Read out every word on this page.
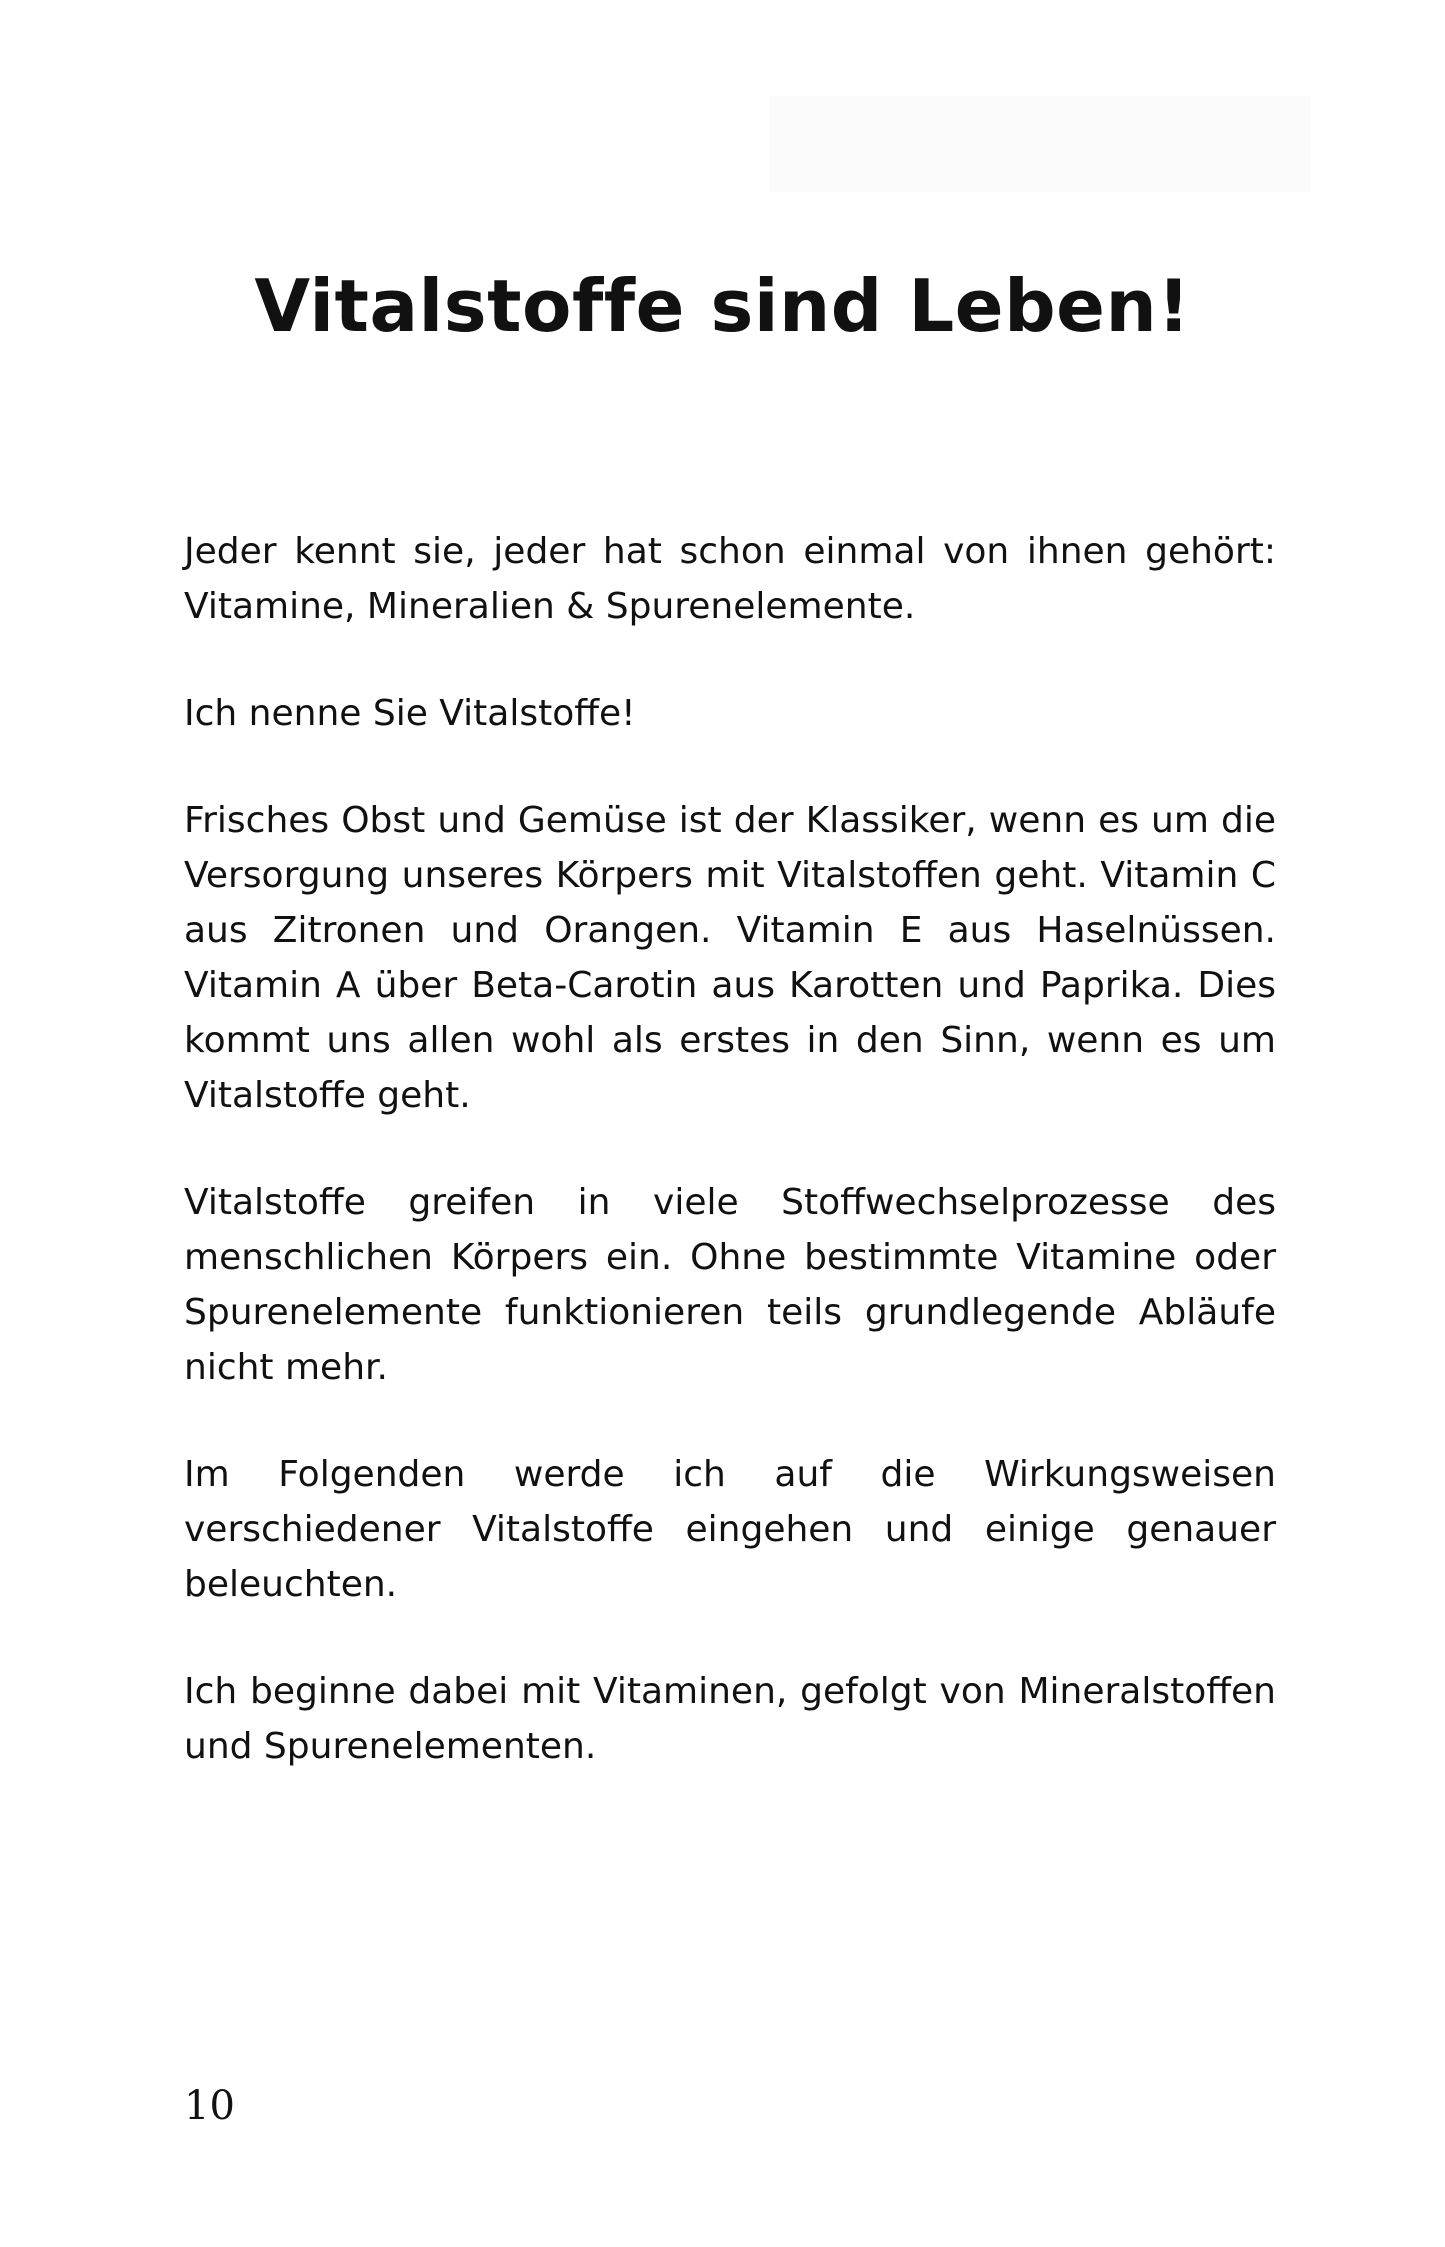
Vitalstoffe sind Leben!

Jeder kennt sie, jeder hat schon einmal von ihnen gehört: Vitamine, Mineralien & Spurenelemente.

Ich nenne Sie Vitalstoffe!

Frisches Obst und Gemüse ist der Klassiker, wenn es um die Versorgung unseres Körpers mit Vitalstoffen geht. Vitamin C aus Zitronen und Orangen. Vitamin E aus Haselnüssen. Vitamin A über Beta-Carotin aus Karotten und Paprika. Dies kommt uns allen wohl als erstes in den Sinn, wenn es um Vitalstoffe geht.

Vitalstoffe greifen in viele Stoffwechselprozesse des menschlichen Körpers ein. Ohne bestimmte Vitamine oder Spurenelemente funktionieren teils grundlegende Abläufe nicht mehr.

Im Folgenden werde ich auf die Wirkungsweisen verschiedener Vitalstoffe eingehen und einige genauer beleuchten.

Ich beginne dabei mit Vitaminen, gefolgt von Mineralstoffen und Spurenelementen.

10
